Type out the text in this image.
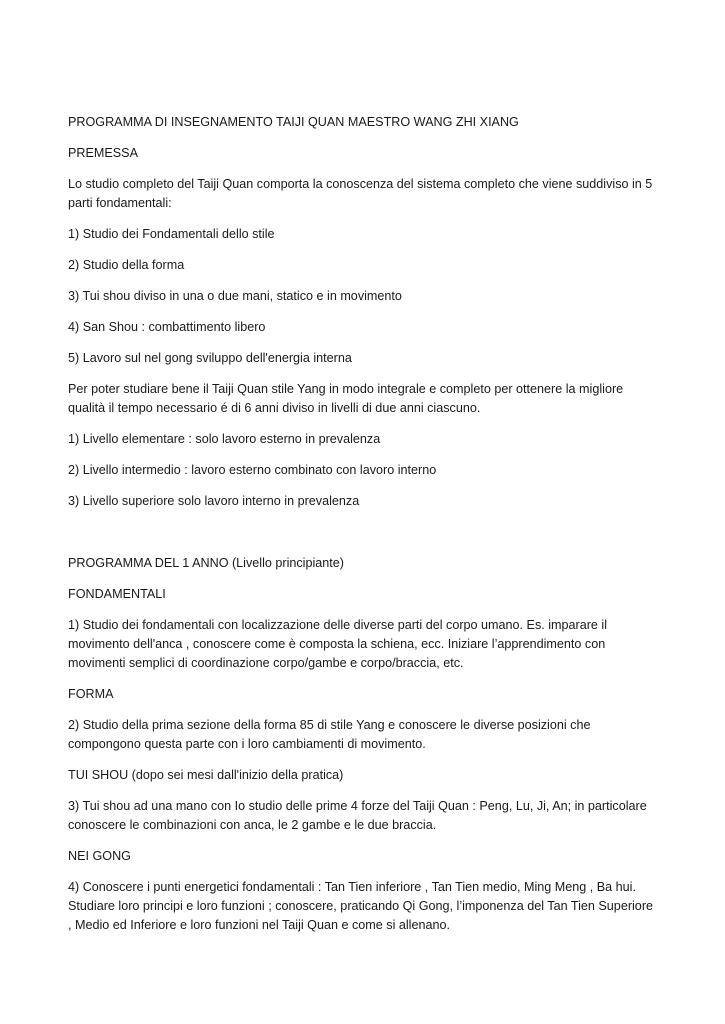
PROGRAMMA DI INSEGNAMENTO TAIJI QUAN MAESTRO WANG ZHI XIANG

PREMESSA

Lo studio completo del Taiji Quan comporta la conoscenza del sistema completo che viene suddiviso in 5 parti fondamentali:

1) Studio dei Fondamentali dello stile

2) Studio della forma

3) Tui shou diviso in una o due mani, statico e in movimento

4) San Shou : combattimento libero

5) Lavoro sul nel gong sviluppo dell'energia interna

Per poter studiare bene il Taiji Quan stile Yang in modo integrale e completo per ottenere la migliore qualità il tempo necessario é di 6 anni diviso in livelli di due anni ciascuno.

1) Livello elementare : solo lavoro esterno in prevalenza

2) Livello intermedio : lavoro esterno combinato con lavoro interno

3) Livello superiore solo lavoro interno in prevalenza

PROGRAMMA DEL 1 ANNO (Livello principiante)

FONDAMENTALI

1) Studio dei fondamentali con localizzazione delle diverse parti del corpo umano. Es. imparare il movimento dell'anca , conoscere come è composta la schiena, ecc. Iniziare l’apprendimento con movimenti semplici di coordinazione corpo/gambe e corpo/braccia, etc.

FORMA

2) Studio della prima sezione della forma 85 di stile Yang e conoscere le diverse posizioni che compongono questa parte con i loro cambiamenti di movimento.

TUI SHOU (dopo sei mesi dall'inizio della pratica)

3) Tui shou ad una mano con Io studio delle prime 4 forze del Taiji Quan : Peng, Lu, Ji, An; in particolare conoscere le combinazioni con anca, le 2 gambe e le due braccia.

NEI GONG

4) Conoscere i punti energetici fondamentali : Tan Tien inferiore , Tan Tien medio, Ming Meng , Ba hui. Studiare loro principi e loro funzioni ; conoscere, praticando Qi Gong, l’imponenza del Tan Tien Superiore , Medio ed Inferiore e loro funzioni nel Taiji Quan e come si allenano.
